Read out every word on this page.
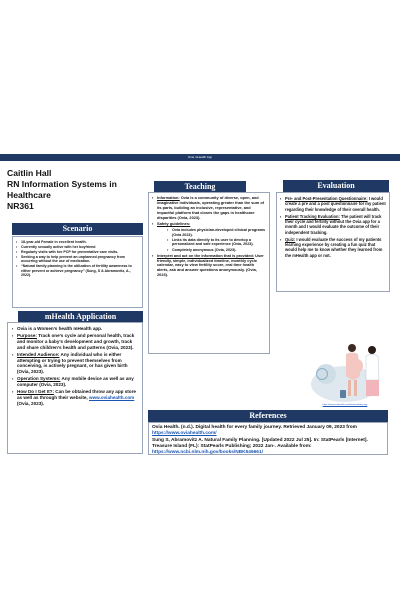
Ovia mHealth App
Caitlin Hall
RN Information Systems in
Healthcare
NR361
Scenario
• 18-year-old Female in excellent health.
• Currently sexually active with her boyfriend
• Regularly visits with her PCP for preventative care visits.
• Seeking a way to help prevent an unplanned pregnancy from occurring without the use of medication.
• “Natural family planning is the utilization of fertility awareness to either prevent or achieve pregnancy” (Sung, S & Abramovitz, A., 2022).
mHealth Application

▪ Ovia is a Women’s health mHealth app.

▪ Purpose: Track one’s cycle and personal health, track and monitor a baby’s development and growth, track and share children’s health and patterns (Ovia, 2023).

▪ Intended Audience: Any individual who is either attempting or trying to prevent themselves from conceiving, is actively pregnant, or has given birth (Ovia, 2023).

▪ Operation Systems: Any mobile device as well as any computer (Ovia, 2023).

▪ How Do I Get It?: Can be obtained throw any app store as well as through their website, www.oviahealth.com (Ovia, 2023).

Teaching
▪ Information: Ovia is a community of diverse, open, and imaginative individuals, operating greater than the sum of its parts, building an inclusive, representative, and impactful platform that closes the gaps in healthcare disparities (Ovia, 2023).
▪ Safety guidelines:
• Ovia includes physician-developed clinical programs (Ovia 2023).
• Links its data directly to its user to develop a personalized and safe experience (Ovia, 2023).
• Completely anonymous (Ovia, 2023).
▪ Interpret and act on the information that is provided: User friendly, simple, individualized timeline, monthly cycle calendar, easy to view fertility score, real time health alerts, ask and answer questions anonymously. (Ovia, 2023).
Evaluation

▪ Pre- and Post-Presentation Questionnaire: I would create a pre and a post questionnaire for my patient regarding their knowledge of their overall health.

▪ Patient Tracking Evaluation: The patient will track their cycle and fertility without the Ovia app for a month and I would evaluate the outcome of their independent tracking.

▪ Quiz: I would evaluate the success of my patients learning experience by creating a fun quiz that would help me to know whether they learned from the mHealth app or not.

https://www.oviahealth.com/features/baby-app
References

Ovia Health. (n.d.). Digital health for every family journey. Retrieved January 09, 2023 from https://www.oviahealth.com/

Sung S, Abramovitz A. Natural Family Planning. [Updated 2022 Jul 25]. In: StatPearls [Internet]. Treasure Island (FL): StatPearls Publishing; 2022 Jan-. Available from: https://www.ncbi.nlm.nih.gov/books/NBK546661/
